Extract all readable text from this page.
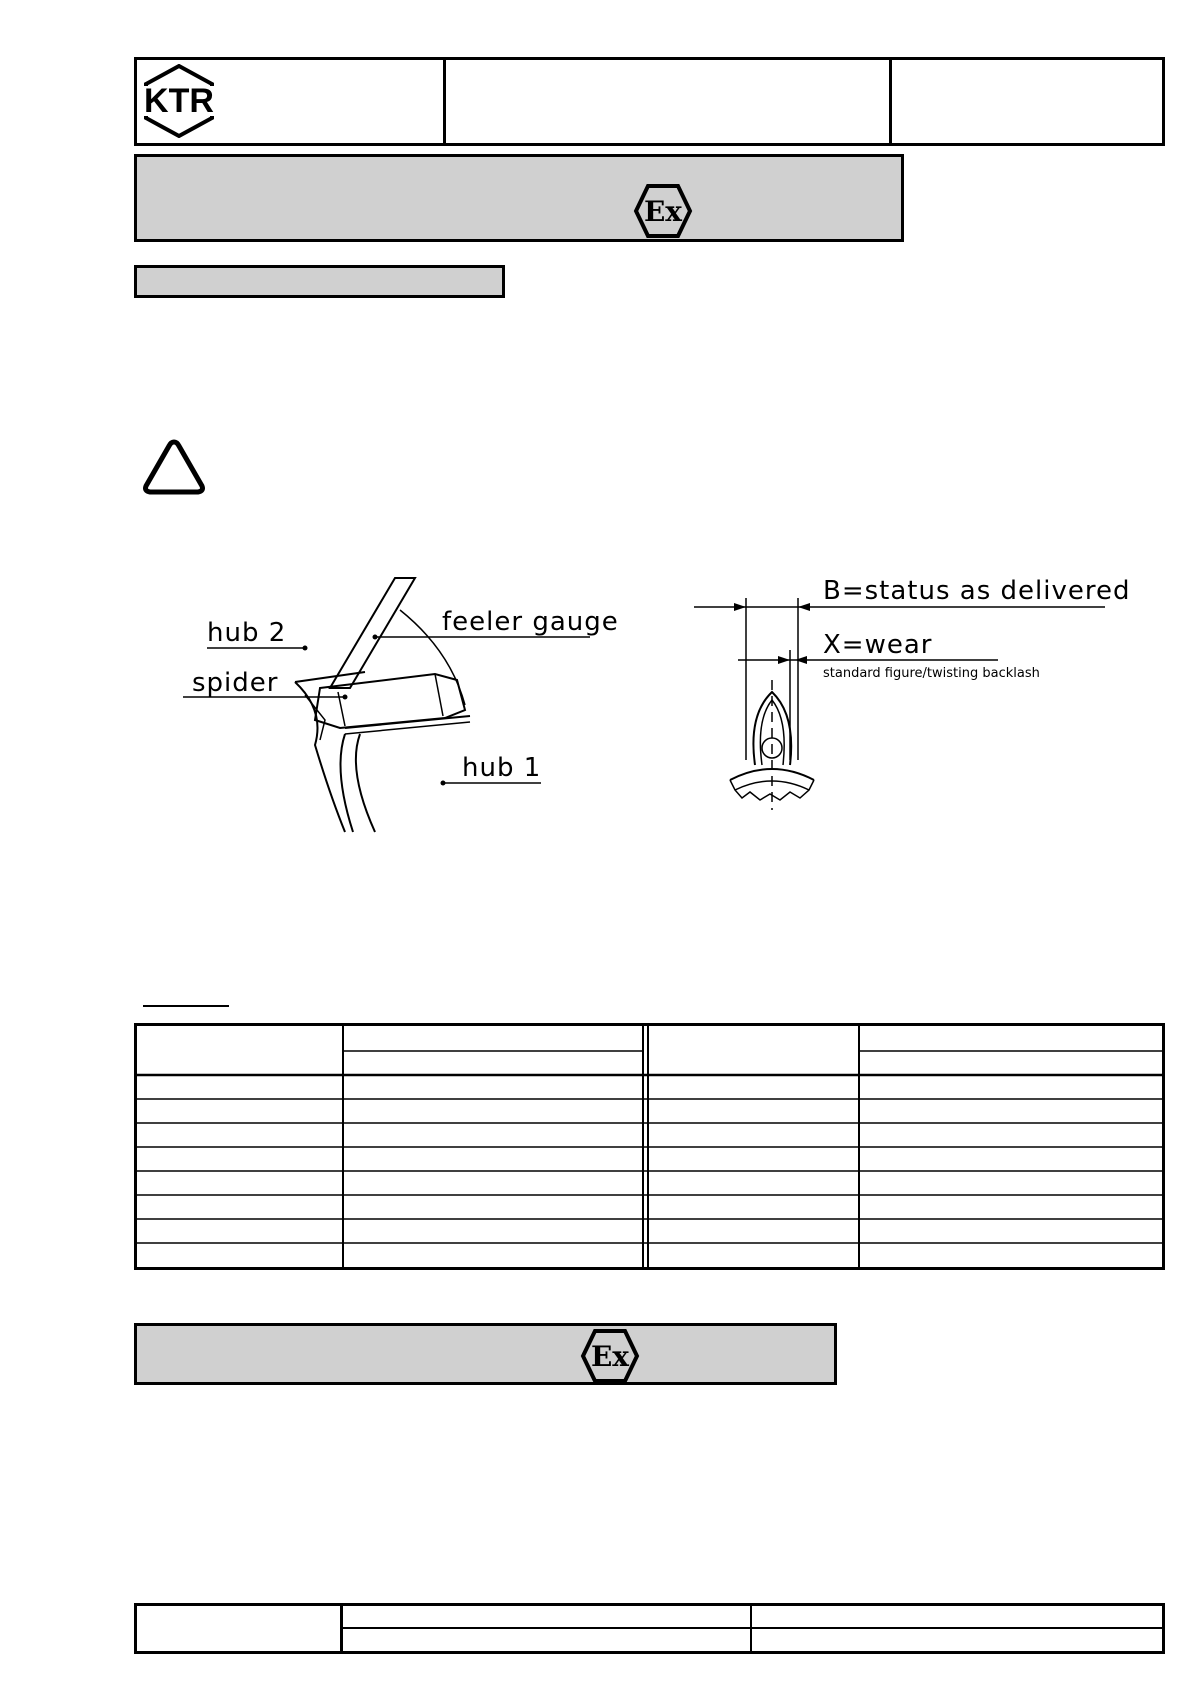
KTR
Ex
hub 2
spider
feeler gauge
hub 1
B=status as delivered
X=wear
standard figure/twisting backlash
Ex
